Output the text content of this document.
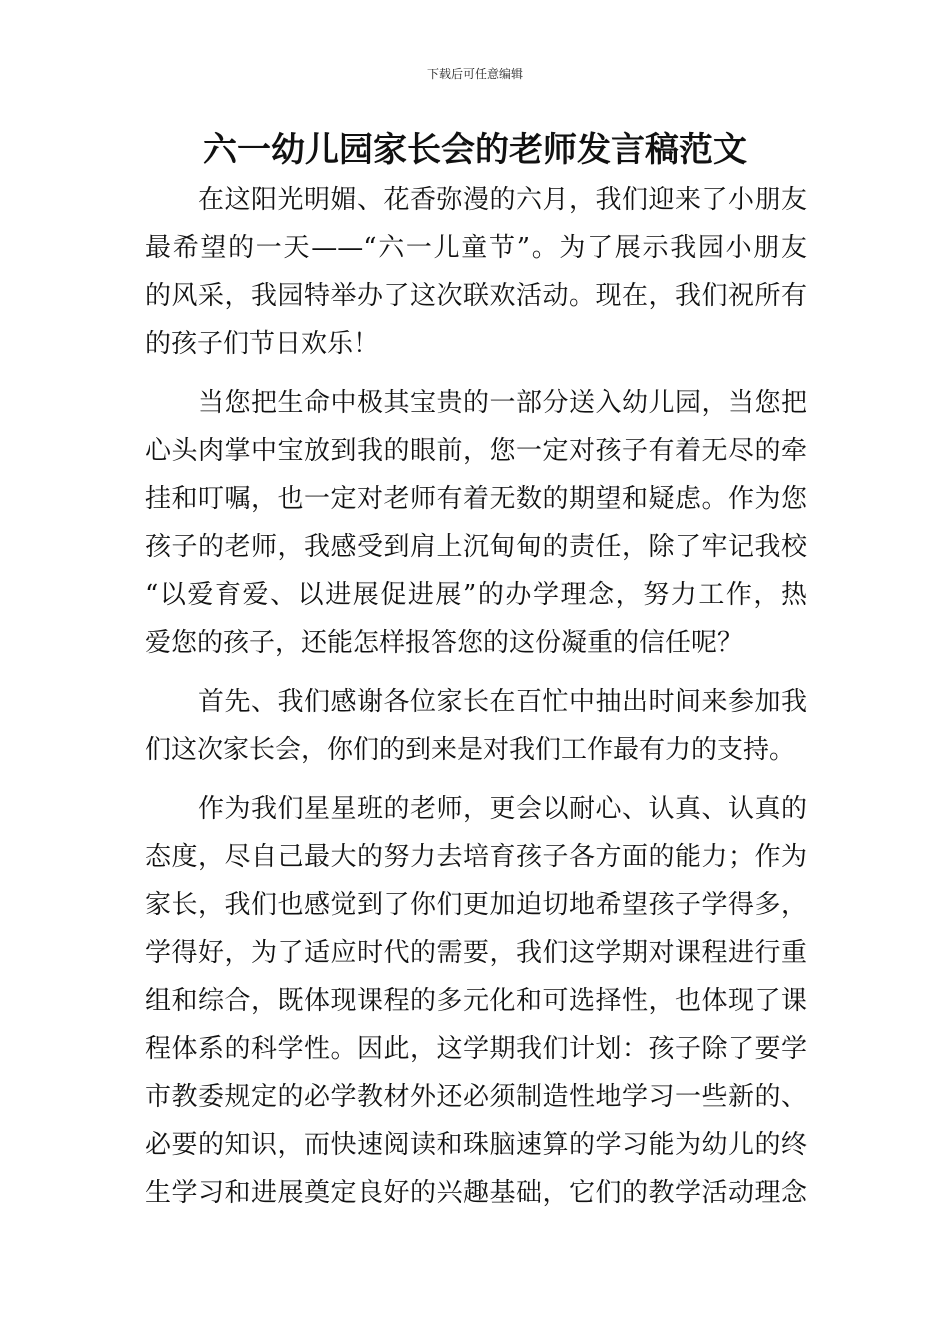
下载后可任意编辑
六一幼儿园家长会的老师发言稿范文

在这阳光明媚、花香弥漫的六月，我们迎来了小朋友
最希望的一天——“六一儿童节”。为了展示我园小朋友
的风采，我园特举办了这次联欢活动。现在，我们祝所有
的孩子们节日欢乐！

当您把生命中极其宝贵的一部分送入幼儿园，当您把
心头肉掌中宝放到我的眼前，您一定对孩子有着无尽的牵
挂和叮嘱，也一定对老师有着无数的期望和疑虑。作为您
孩子的老师，我感受到肩上沉甸甸的责任，除了牢记我校
“以爱育爱、以进展促进展”的办学理念，努力工作，热
爱您的孩子，还能怎样报答您的这份凝重的信任呢？

首先、我们感谢各位家长在百忙中抽出时间来参加我
们这次家长会，你们的到来是对我们工作最有力的支持。

作为我们星星班的老师，更会以耐心、认真、认真的
态度，尽自己最大的努力去培育孩子各方面的能力；作为
家长，我们也感觉到了你们更加迫切地希望孩子学得多，
学得好，为了适应时代的需要，我们这学期对课程进行重
组和综合，既体现课程的多元化和可选择性，也体现了课
程体系的科学性。因此，这学期我们计划：孩子除了要学
市教委规定的必学教材外还必须制造性地学习一些新的、
必要的知识，而快速阅读和珠脑速算的学习能为幼儿的终
生学习和进展奠定良好的兴趣基础，它们的教学活动理念
